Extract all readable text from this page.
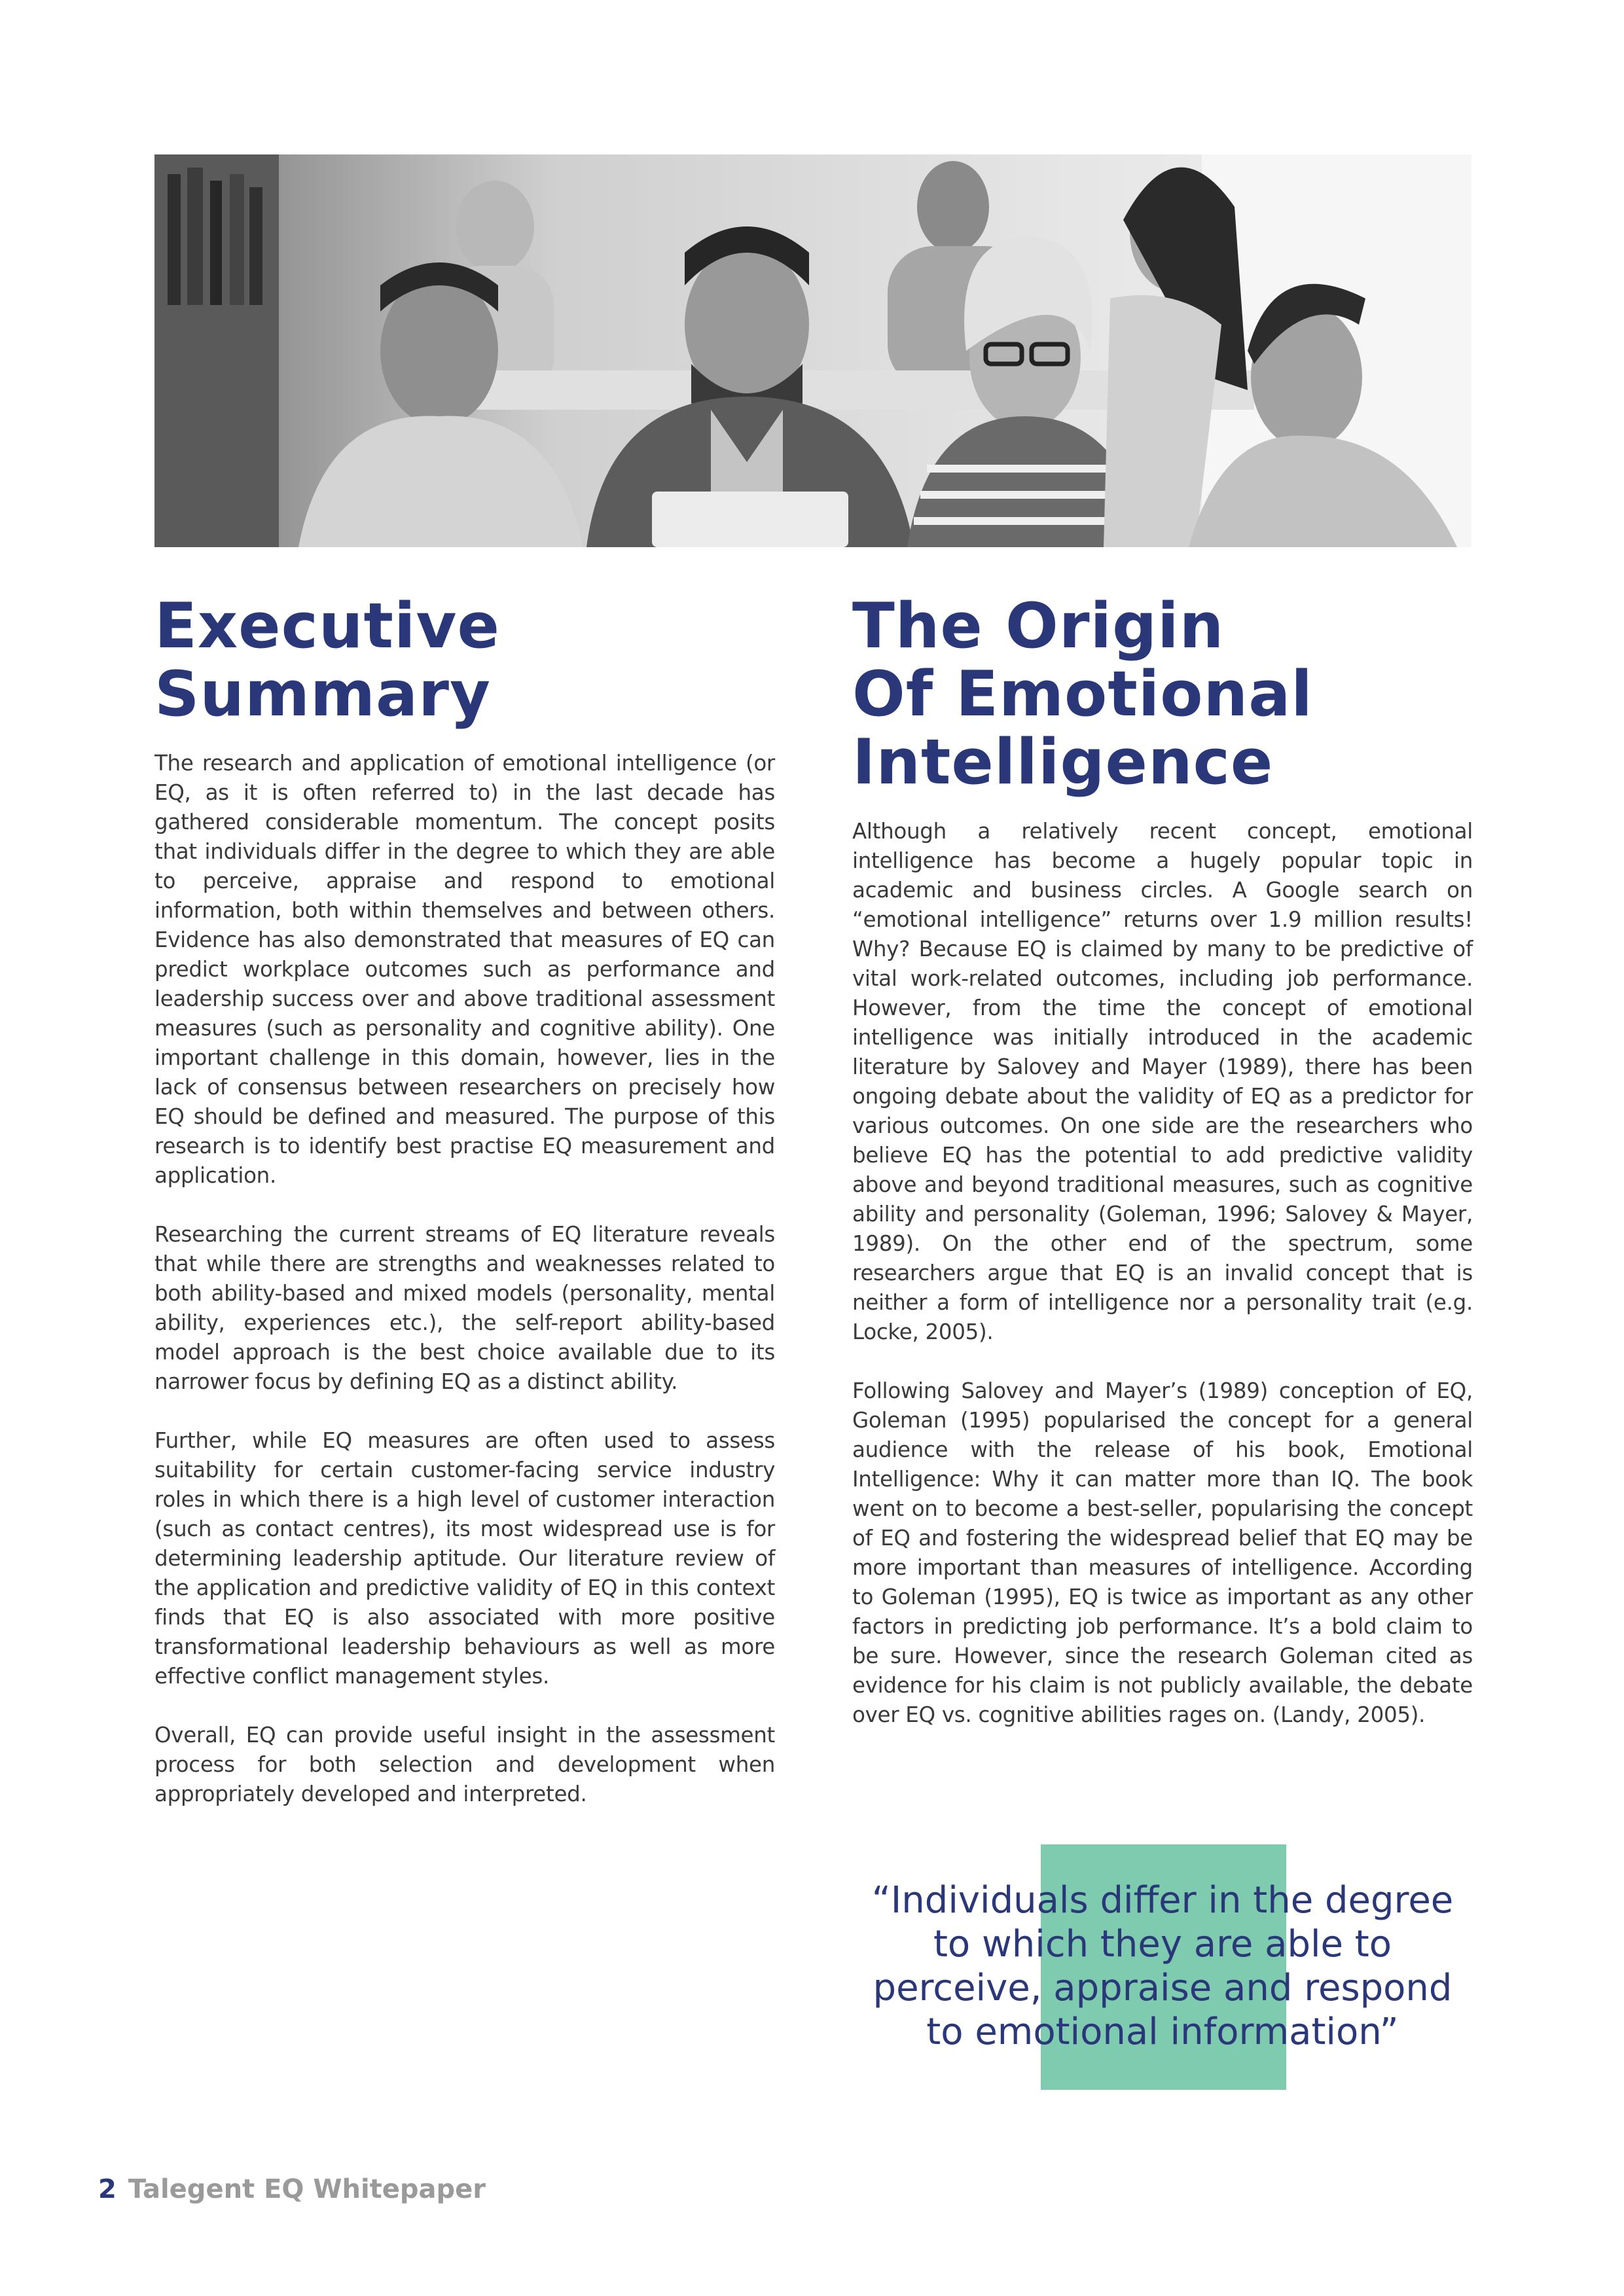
Executive
Summary

The research and application of emotional intelligence (or EQ, as it is often referred to) in the last decade has gathered considerable momentum. The concept posits that individuals differ in the degree to which they are able to perceive, appraise and respond to emotional information, both within themselves and between others. Evidence has also demonstrated that measures of EQ can predict workplace outcomes such as performance and leadership success over and above traditional assessment measures (such as personality and cognitive ability). One important challenge in this domain, however, lies in the lack of consensus between researchers on precisely how EQ should be defined and measured. The purpose of this research is to identify best practise EQ measurement and application.

Researching the current streams of EQ literature reveals that while there are strengths and weaknesses related to both ability-based and mixed models (personality, mental ability, experiences etc.), the self-report ability-based model approach is the best choice available due to its narrower focus by defining EQ as a distinct ability.

Further, while EQ measures are often used to assess suitability for certain customer-facing service industry roles in which there is a high level of customer interaction (such as contact centres), its most widespread use is for determining leadership aptitude. Our literature review of the application and predictive validity of EQ in this context finds that EQ is also associated with more positive transformational leadership behaviours as well as more effective conflict management styles.

Overall, EQ can provide useful insight in the assessment process for both selection and development when appropriately developed and interpreted.

The Origin
Of Emotional
Intelligence

Although a relatively recent concept, emotional intelligence has become a hugely popular topic in academic and business circles. A Google search on “emotional intelligence” returns over 1.9 million results! Why? Because EQ is claimed by many to be predictive of vital work-related outcomes, including job performance. However, from the time the concept of emotional intelligence was initially introduced in the academic literature by Salovey and Mayer (1989), there has been ongoing debate about the validity of EQ as a predictor for various outcomes. On one side are the researchers who believe EQ has the potential to add predictive validity above and beyond traditional measures, such as cognitive ability and personality (Goleman, 1996; Salovey & Mayer, 1989). On the other end of the spectrum, some researchers argue that EQ is an invalid concept that is neither a form of intelligence nor a personality trait (e.g. Locke, 2005).

Following Salovey and Mayer’s (1989) conception of EQ, Goleman (1995) popularised the concept for a general audience with the release of his book, Emotional Intelligence: Why it can matter more than IQ. The book went on to become a best-seller, popularising the concept of EQ and fostering the widespread belief that EQ may be more important than measures of intelligence. According to Goleman (1995), EQ is twice as important as any other factors in predicting job performance. It’s a bold claim to be sure. However, since the research Goleman cited as evidence for his claim is not publicly available, the debate over EQ vs. cognitive abilities rages on. (Landy, 2005).

“Individuals differ in the degree to which they are able to perceive, appraise and respond to emotional information”

2 Talegent EQ Whitepaper
